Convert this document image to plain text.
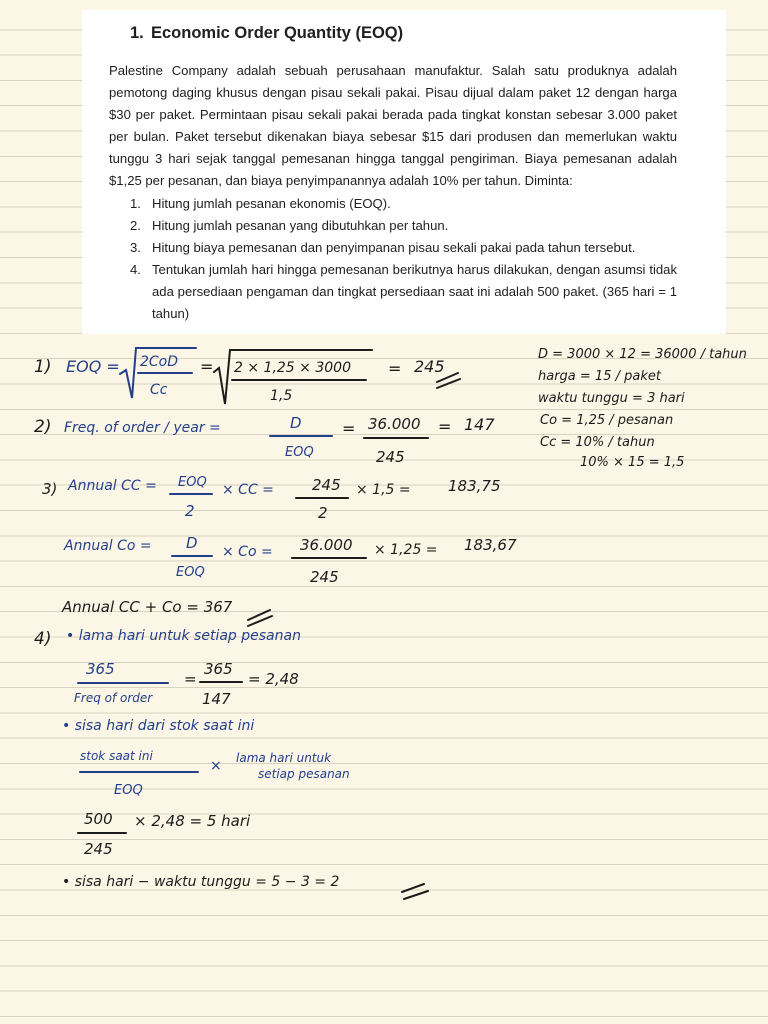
1. Economic Order Quantity (EOQ)

Palestine Company adalah sebuah perusahaan manufaktur. Salah satu produknya adalah pemotong daging khusus dengan pisau sekali pakai. Pisau dijual dalam paket 12 dengan harga $30 per paket. Permintaan pisau sekali pakai berada pada tingkat konstan sebesar 3.000 paket per bulan. Paket tersebut dikenakan biaya sebesar $15 dari produsen dan memerlukan waktu tunggu 3 hari sejak tanggal pemesanan hingga tanggal pengiriman. Biaya pemesanan adalah $1,25 per pesanan, dan biaya penyimpanannya adalah 10% per tahun. Diminta:

1. Hitung jumlah pesanan ekonomis (EOQ).
2. Hitung jumlah pesanan yang dibutuhkan per tahun.
3. Hitung biaya pemesanan dan penyimpanan pisau sekali pakai pada tahun tersebut.
4. Tentukan jumlah hari hingga pemesanan berikutnya harus dilakukan, dengan asumsi tidak ada persediaan pengaman dan tingkat persediaan saat ini adalah 500 paket. (365 hari = 1 tahun)
D = 3000 × 12 = 36000 / tahun
harga = 15 / paket
waktu tunggu = 3 hari
Co = 1,25 / pesanan
Cc = 10% / tahun
10% × 15 = 1,5
1) EOQ = 2CoD
Cc
= 2 × 1,25 × 3000
1,5
= 245
2) Freq. of order / year =	D
EOQ
= 36.000
245
= 147
3) Annual CC = EOQ
2
× CC =	245
2
× 1,5 = 183,75
Annual Co = D
EOQ
× Co = 36.000
245
× 1,25 = 183,67
Annual CC + Co = 367
4) • lama hari untuk setiap pesanan
365
Freq of order
=
365
147
= 2,48
• sisa hari dari stok saat ini
stok saat ini
EOQ
× lama hari untuk
setiap pesanan
500
245
× 2,48 = 5 hari
• sisa hari − waktu tunggu = 5 − 3 = 2
